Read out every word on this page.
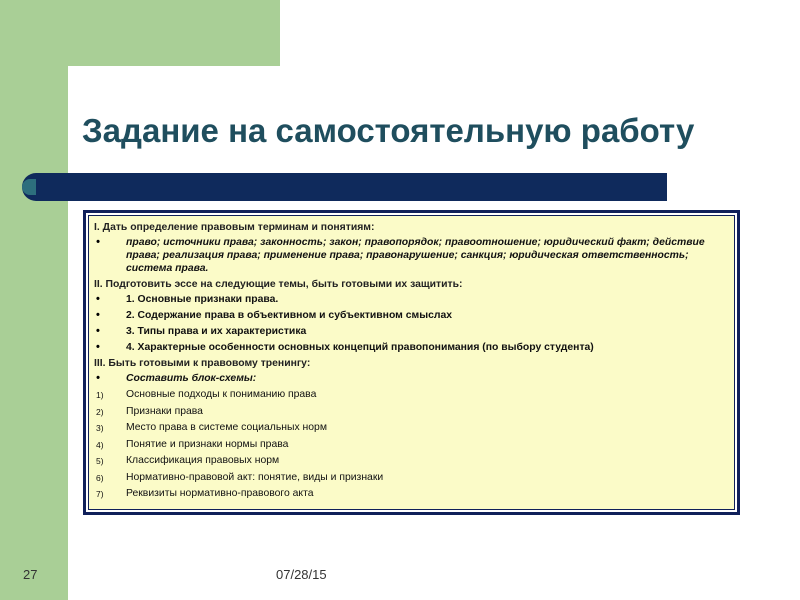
Задание на самостоятельную работу
I. Дать определение правовым терминам и понятиям:
•	право; источники права; законность; закон; правопорядок; правоотношение; юридический факт; действие права; реализация права; применение права; правонарушение; санкция; юридическая ответственность; система права.
II. Подготовить эссе на следующие темы, быть готовыми их защитить:
•	1. Основные признаки права.
•	2. Содержание права в объективном и субъективном смыслах
•	3. Типы права и их характеристика
•	4. Характерные особенности основных концепций правопонимания (по выбору студента)
III. Быть готовыми к правовому тренингу:
•	Составить блок-схемы:
1) Основные подходы к пониманию права
2) Признаки права
3) Место права в системе социальных норм
4) Понятие и признаки нормы права
5) Классификация правовых норм
6) Нормативно-правовой акт: понятие, виды и признаки
7) Реквизиты нормативно-правового акта
27	07/28/15
